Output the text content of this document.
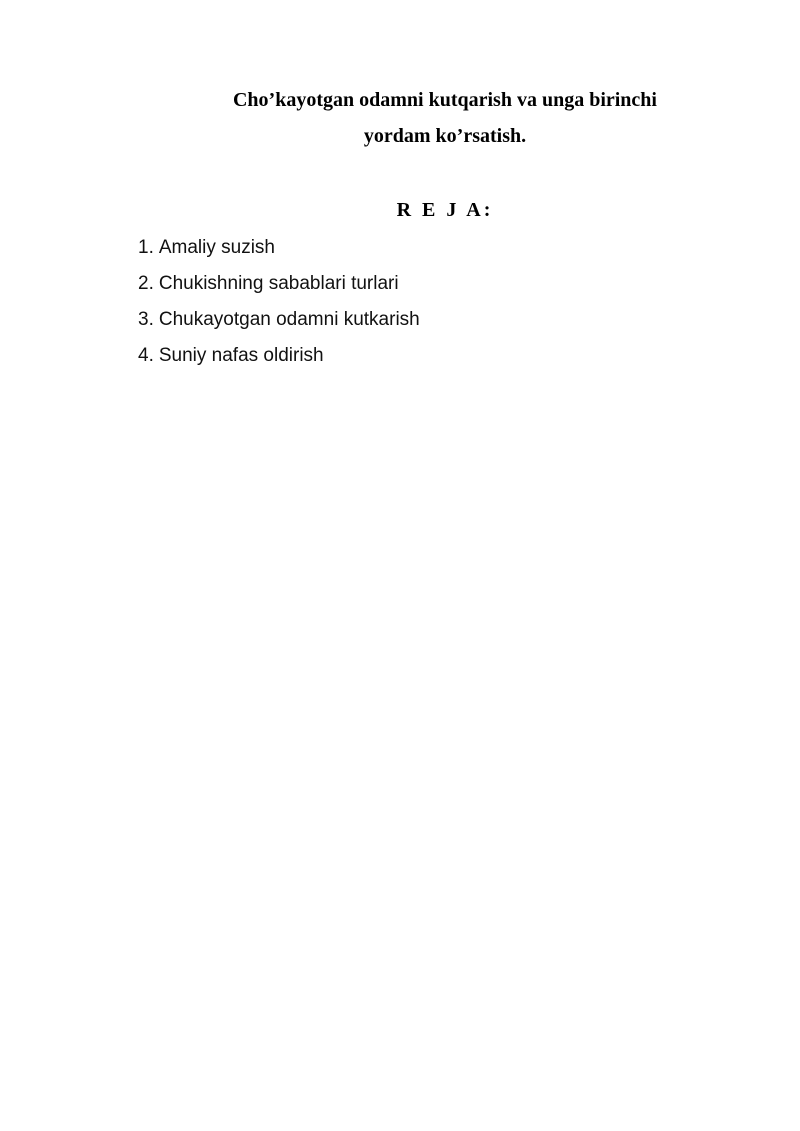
Cho’kayotgan odamni kutqarish va unga birinchi
yordam ko’rsatish.
R E J A:
1. Amaliy suzish
2. Chukishning sabablari turlari
3. Chukayotgan odamni kutkarish
4. Suniy nafas oldirish
